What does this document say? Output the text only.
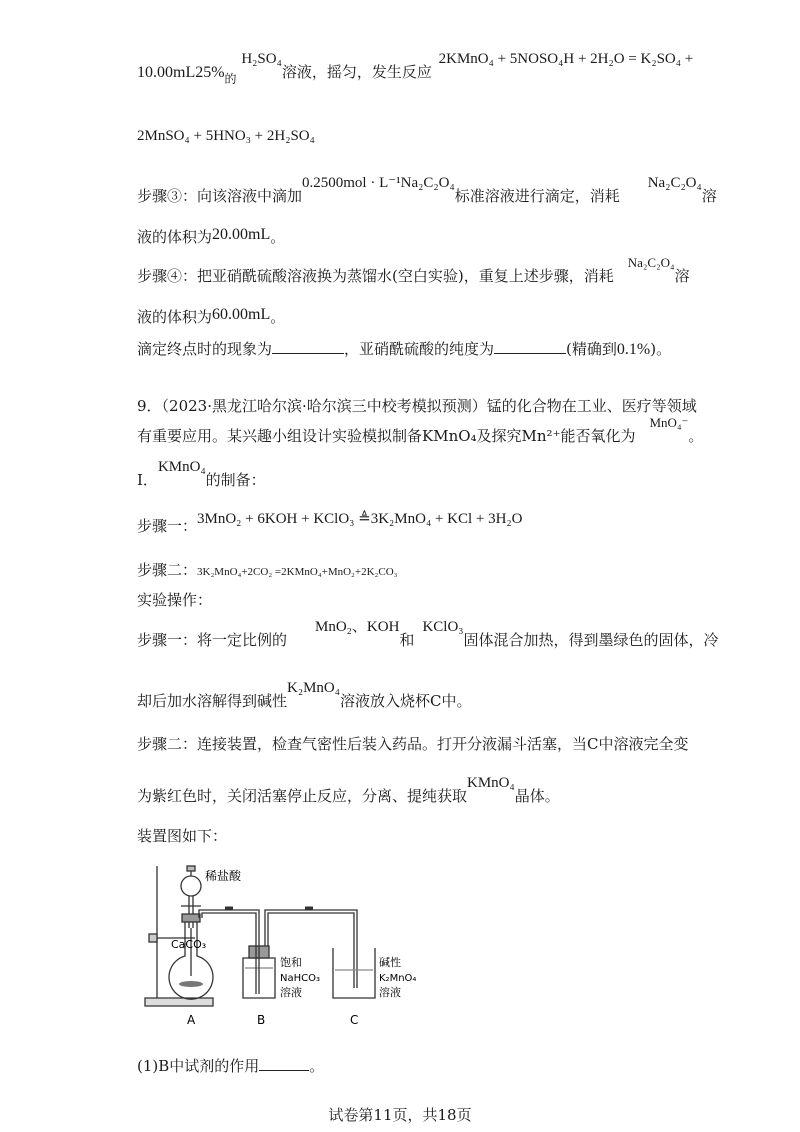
$10.00mL25\%_的$ H₂SO₄溶液，摇匀，发生反应 2KMnO₄ + 5NOSO₄H + 2H₂O = K₂SO₄ +
2MnSO₄ + 5HNO₃ + 2H₂SO₄
步骤③：向该溶液中滴加0.2500mol · L⁻¹Na₂C₂O₄标准溶液进行滴定，消耗Na₂C₂O₄溶
液的体积为20.00mL。
步骤④：把亚硝酰硫酸溶液换为蒸馏水(空白实验)，重复上述步骤，消耗Na₂C₂O₄溶
液的体积为60.00mL。
滴定终点时的现象为	，亚硝酰硫酸的纯度为	(精确到0.1%)。
9．（2023·黑龙江哈尔滨·哈尔滨三中校考模拟预测）锰的化合物在工业、医疗等领域
有重要应用。某兴趣小组设计实验模拟制备KMnO₄及探究Mn²⁺能否氧化为MnO₄⁻。
Ⅰ．KMnO₄的制备：
步骤一：3MnO₂ + 6KOH + KClO₃ ≜3K₂MnO₄ + KCl + 3H₂O
步骤二：3K₂MnO₄+2CO₂ =2KMnO₄+MnO₂+2K₂CO₃
实验操作：
步骤一：将一定比例的MnO₂、KOH和KClO₃固体混合加热，得到墨绿色的固体，冷
却后加水溶解得到碱性K₂MnO₄溶液放入烧杯C中。
步骤二：连接装置，检查气密性后装入药品。打开分液漏斗活塞，当C中溶液完全变
为紫红色时，关闭活塞停止反应，分离、提纯获取KMnO₄晶体。
装置图如下：
稀盐酸
CaCO₃
饱和
NaHCO₃
溶液
碱性
K₂MnO₄
溶液
A	B	C
(1)B中试剂的作用	。
试卷第11页，共18页
